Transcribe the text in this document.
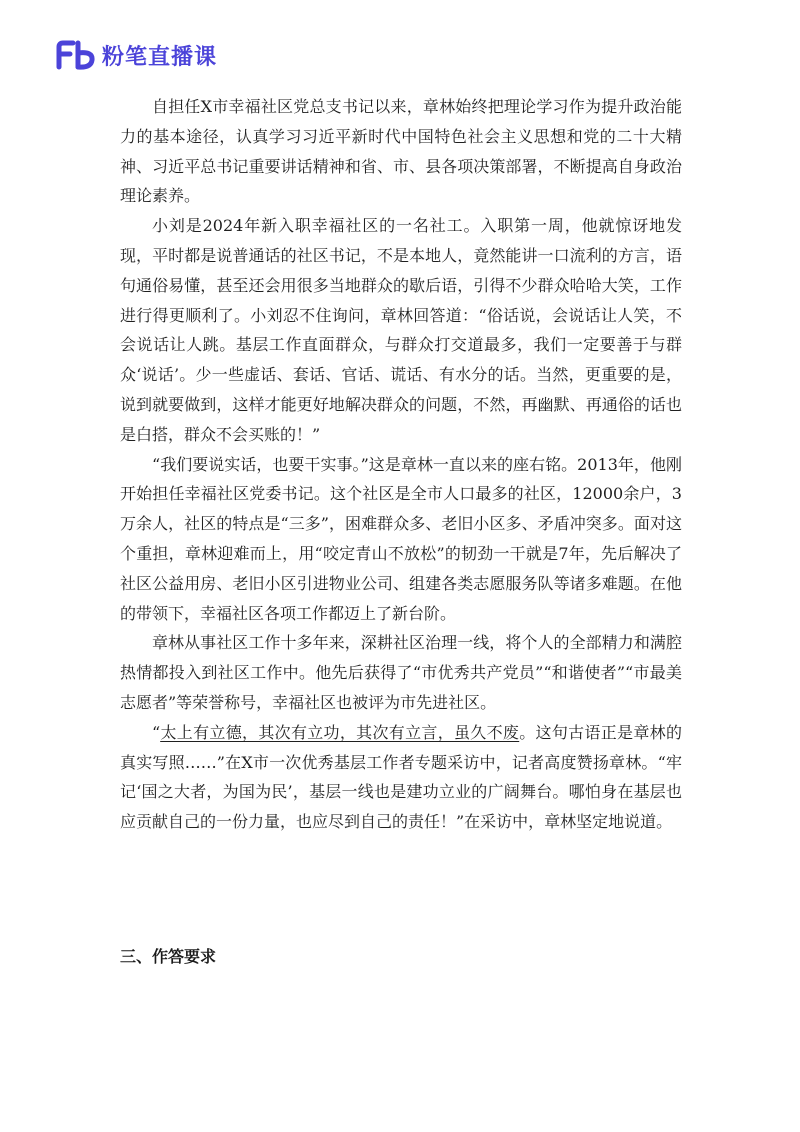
粉笔直播课

自担任X市幸福社区党总支书记以来，章林始终把理论学习作为提升政治能力的基本途径，认真学习习近平新时代中国特色社会主义思想和党的二十大精神、习近平总书记重要讲话精神和省、市、县各项决策部署，不断提高自身政治理论素养。

小刘是2024年新入职幸福社区的一名社工。入职第一周，他就惊讶地发现，平时都是说普通话的社区书记，不是本地人，竟然能讲一口流利的方言，语句通俗易懂，甚至还会用很多当地群众的歇后语，引得不少群众哈哈大笑，工作进行得更顺利了。小刘忍不住询问，章林回答道：“俗话说，会说话让人笑，不会说话让人跳。基层工作直面群众，与群众打交道最多，我们一定要善于与群众‘说话’。少一些虚话、套话、官话、谎话、有水分的话。当然，更重要的是，说到就要做到，这样才能更好地解决群众的问题，不然，再幽默、再通俗的话也是白搭，群众不会买账的！”

“我们要说实话，也要干实事。”这是章林一直以来的座右铭。2013年，他刚开始担任幸福社区党委书记。这个社区是全市人口最多的社区，12000余户，3万余人，社区的特点是“三多”，困难群众多、老旧小区多、矛盾冲突多。面对这个重担，章林迎难而上，用“咬定青山不放松”的韧劲一干就是7年，先后解决了社区公益用房、老旧小区引进物业公司、组建各类志愿服务队等诸多难题。在他的带领下，幸福社区各项工作都迈上了新台阶。

章林从事社区工作十多年来，深耕社区治理一线，将个人的全部精力和满腔热情都投入到社区工作中。他先后获得了“市优秀共产党员”“和谐使者”“市最美志愿者”等荣誉称号，幸福社区也被评为市先进社区。

“太上有立德，其次有立功，其次有立言，虽久不废。这句古语正是章林的真实写照……”在X市一次优秀基层工作者专题采访中，记者高度赞扬章林。“牢记‘国之大者，为国为民’，基层一线也是建功立业的广阔舞台。哪怕身在基层也应贡献自己的一份力量，也应尽到自己的责任！”在采访中，章林坚定地说道。

三、作答要求
